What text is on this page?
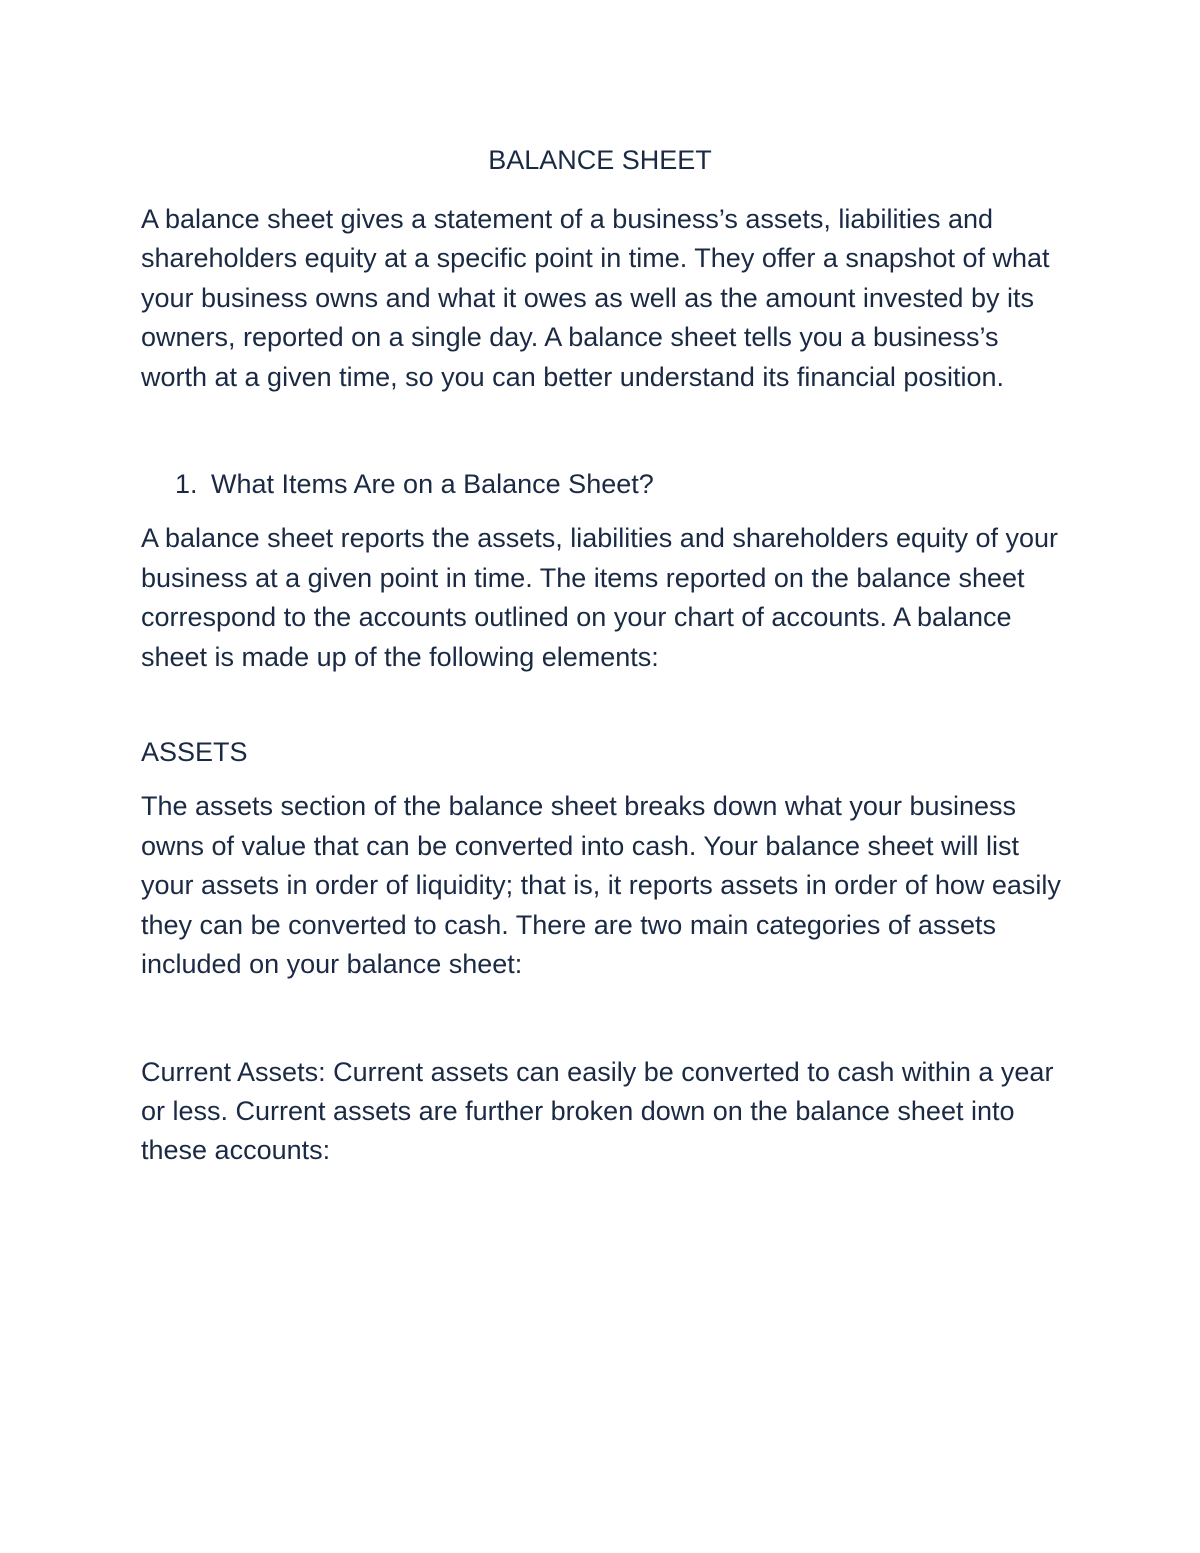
BALANCE SHEET

A balance sheet gives a statement of a business’s assets, liabilities and shareholders equity at a specific point in time. They offer a snapshot of what your business owns and what it owes as well as the amount invested by its owners, reported on a single day. A balance sheet tells you a business’s worth at a given time, so you can better understand its financial position.

1. What Items Are on a Balance Sheet?

A balance sheet reports the assets, liabilities and shareholders equity of your business at a given point in time. The items reported on the balance sheet correspond to the accounts outlined on your chart of accounts. A balance sheet is made up of the following elements:

ASSETS

The assets section of the balance sheet breaks down what your business owns of value that can be converted into cash. Your balance sheet will list your assets in order of liquidity; that is, it reports assets in order of how easily they can be converted to cash. There are two main categories of assets included on your balance sheet:

Current Assets: Current assets can easily be converted to cash within a year or less. Current assets are further broken down on the balance sheet into these accounts:
